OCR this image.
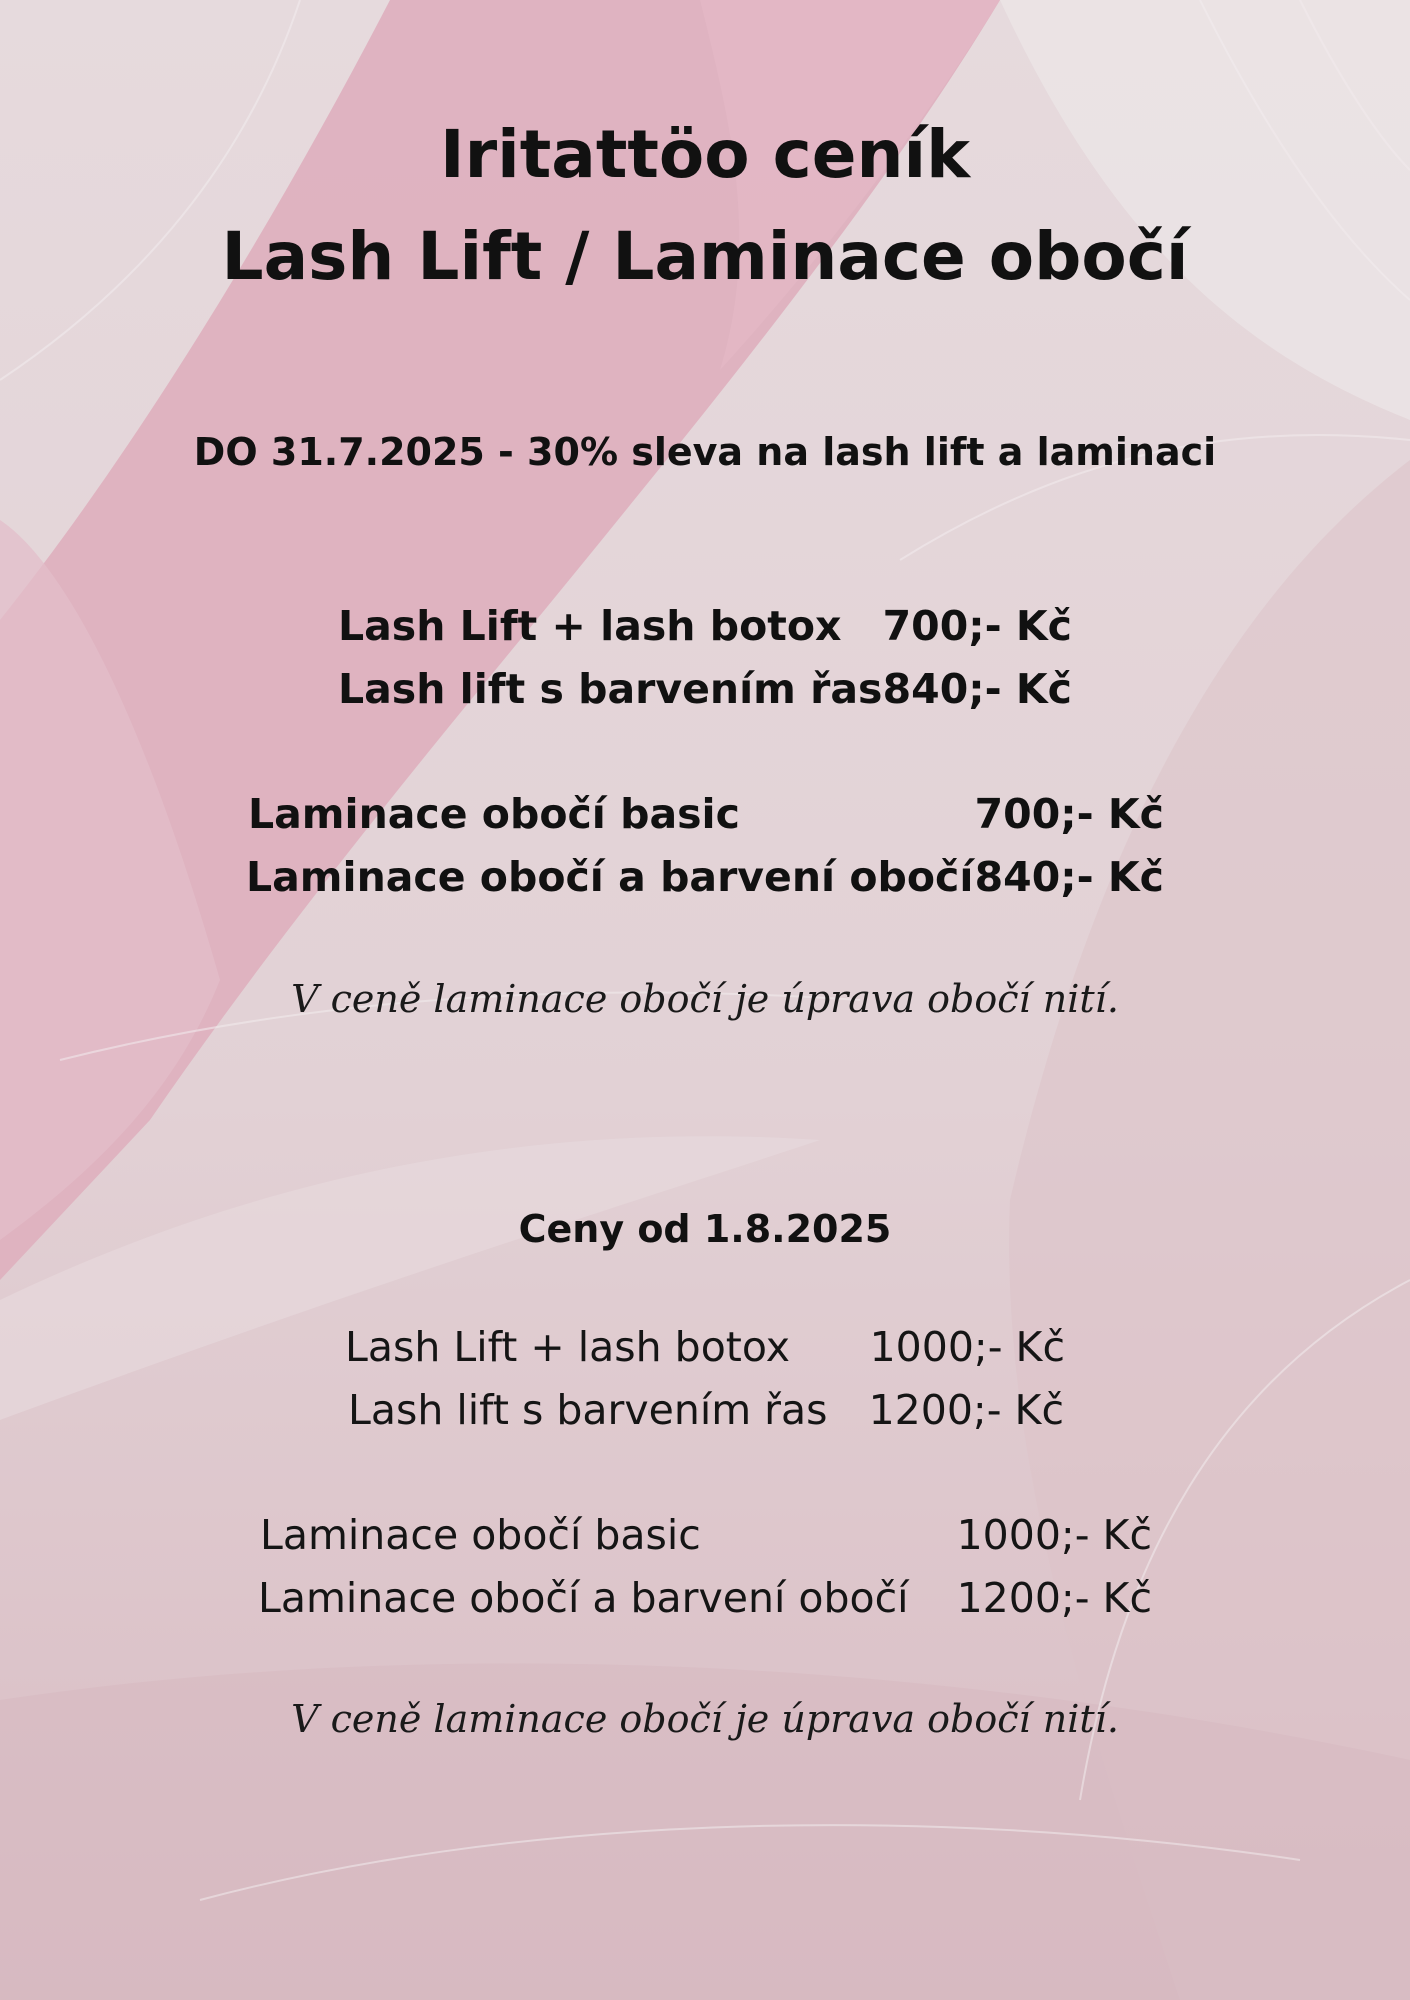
Iritattöo ceník
Lash Lift / Laminace obočí

DO 31.7.2025 - 30% sleva na lash lift a laminaci

Lash Lift + lash botox 700;- Kč
Lash lift s barvením řas 840;- Kč
Laminace obočí basic	700;- Kč
Laminace obočí a barvení obočí 840;- Kč

V ceně laminace obočí je úprava obočí nití.

Ceny od 1.8.2025

Lash Lift + lash botox 1000;- Kč
Lash lift s barvením řas 1200;- Kč
Laminace obočí basic	1000;- Kč
Laminace obočí a barvení obočí 1200;- Kč

V ceně laminace obočí je úprava obočí nití.
